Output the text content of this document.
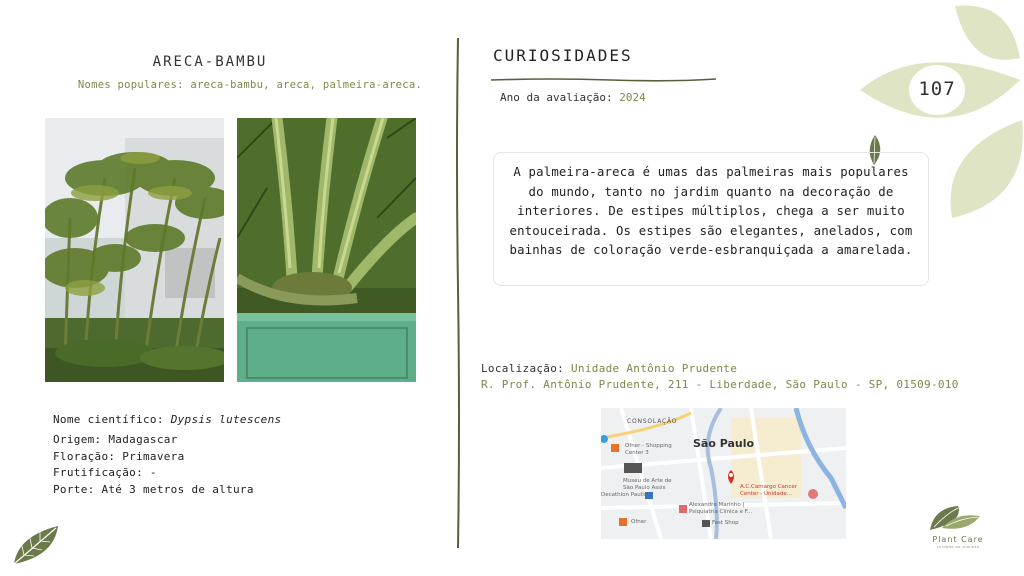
ARECA-BAMBU
Nomes populares: areca-bambu, areca, palmeira-areca.
Nome científico: Dypsis lutescens
Origem: Madagascar
Floração: Primavera
Frutificação: -
Porte: Até 3 metros de altura
CURIOSIDADES
Ano da avaliação: 2024	107
A palmeira-areca é umas das palmeiras mais populares do mundo, tanto no jardim quanto na decoração de interiores. De estipes múltiplos, chega a ser muito entouceirada. Os estipes são elegantes, anelados, com bainhas de coloração verde-esbranquiçada a amarelada.
Localização: Unidade Antônio Prudente
R. Prof. Antônio Prudente, 211 - Liberdade, São Paulo - SP, 01509-010
CONSOLAÇÃO
São Paulo
Ofner - Shopping
Center 3
Museu de Arte de
São Paulo Assis
Decathlon Paulista
Alexandre Marinho |
Psiquiatria Clínica e F...
A.C.Camargo Cancer
Center - Unidade...
Ofner	Fast Shop
Plant Care
cuidado ao planeta
